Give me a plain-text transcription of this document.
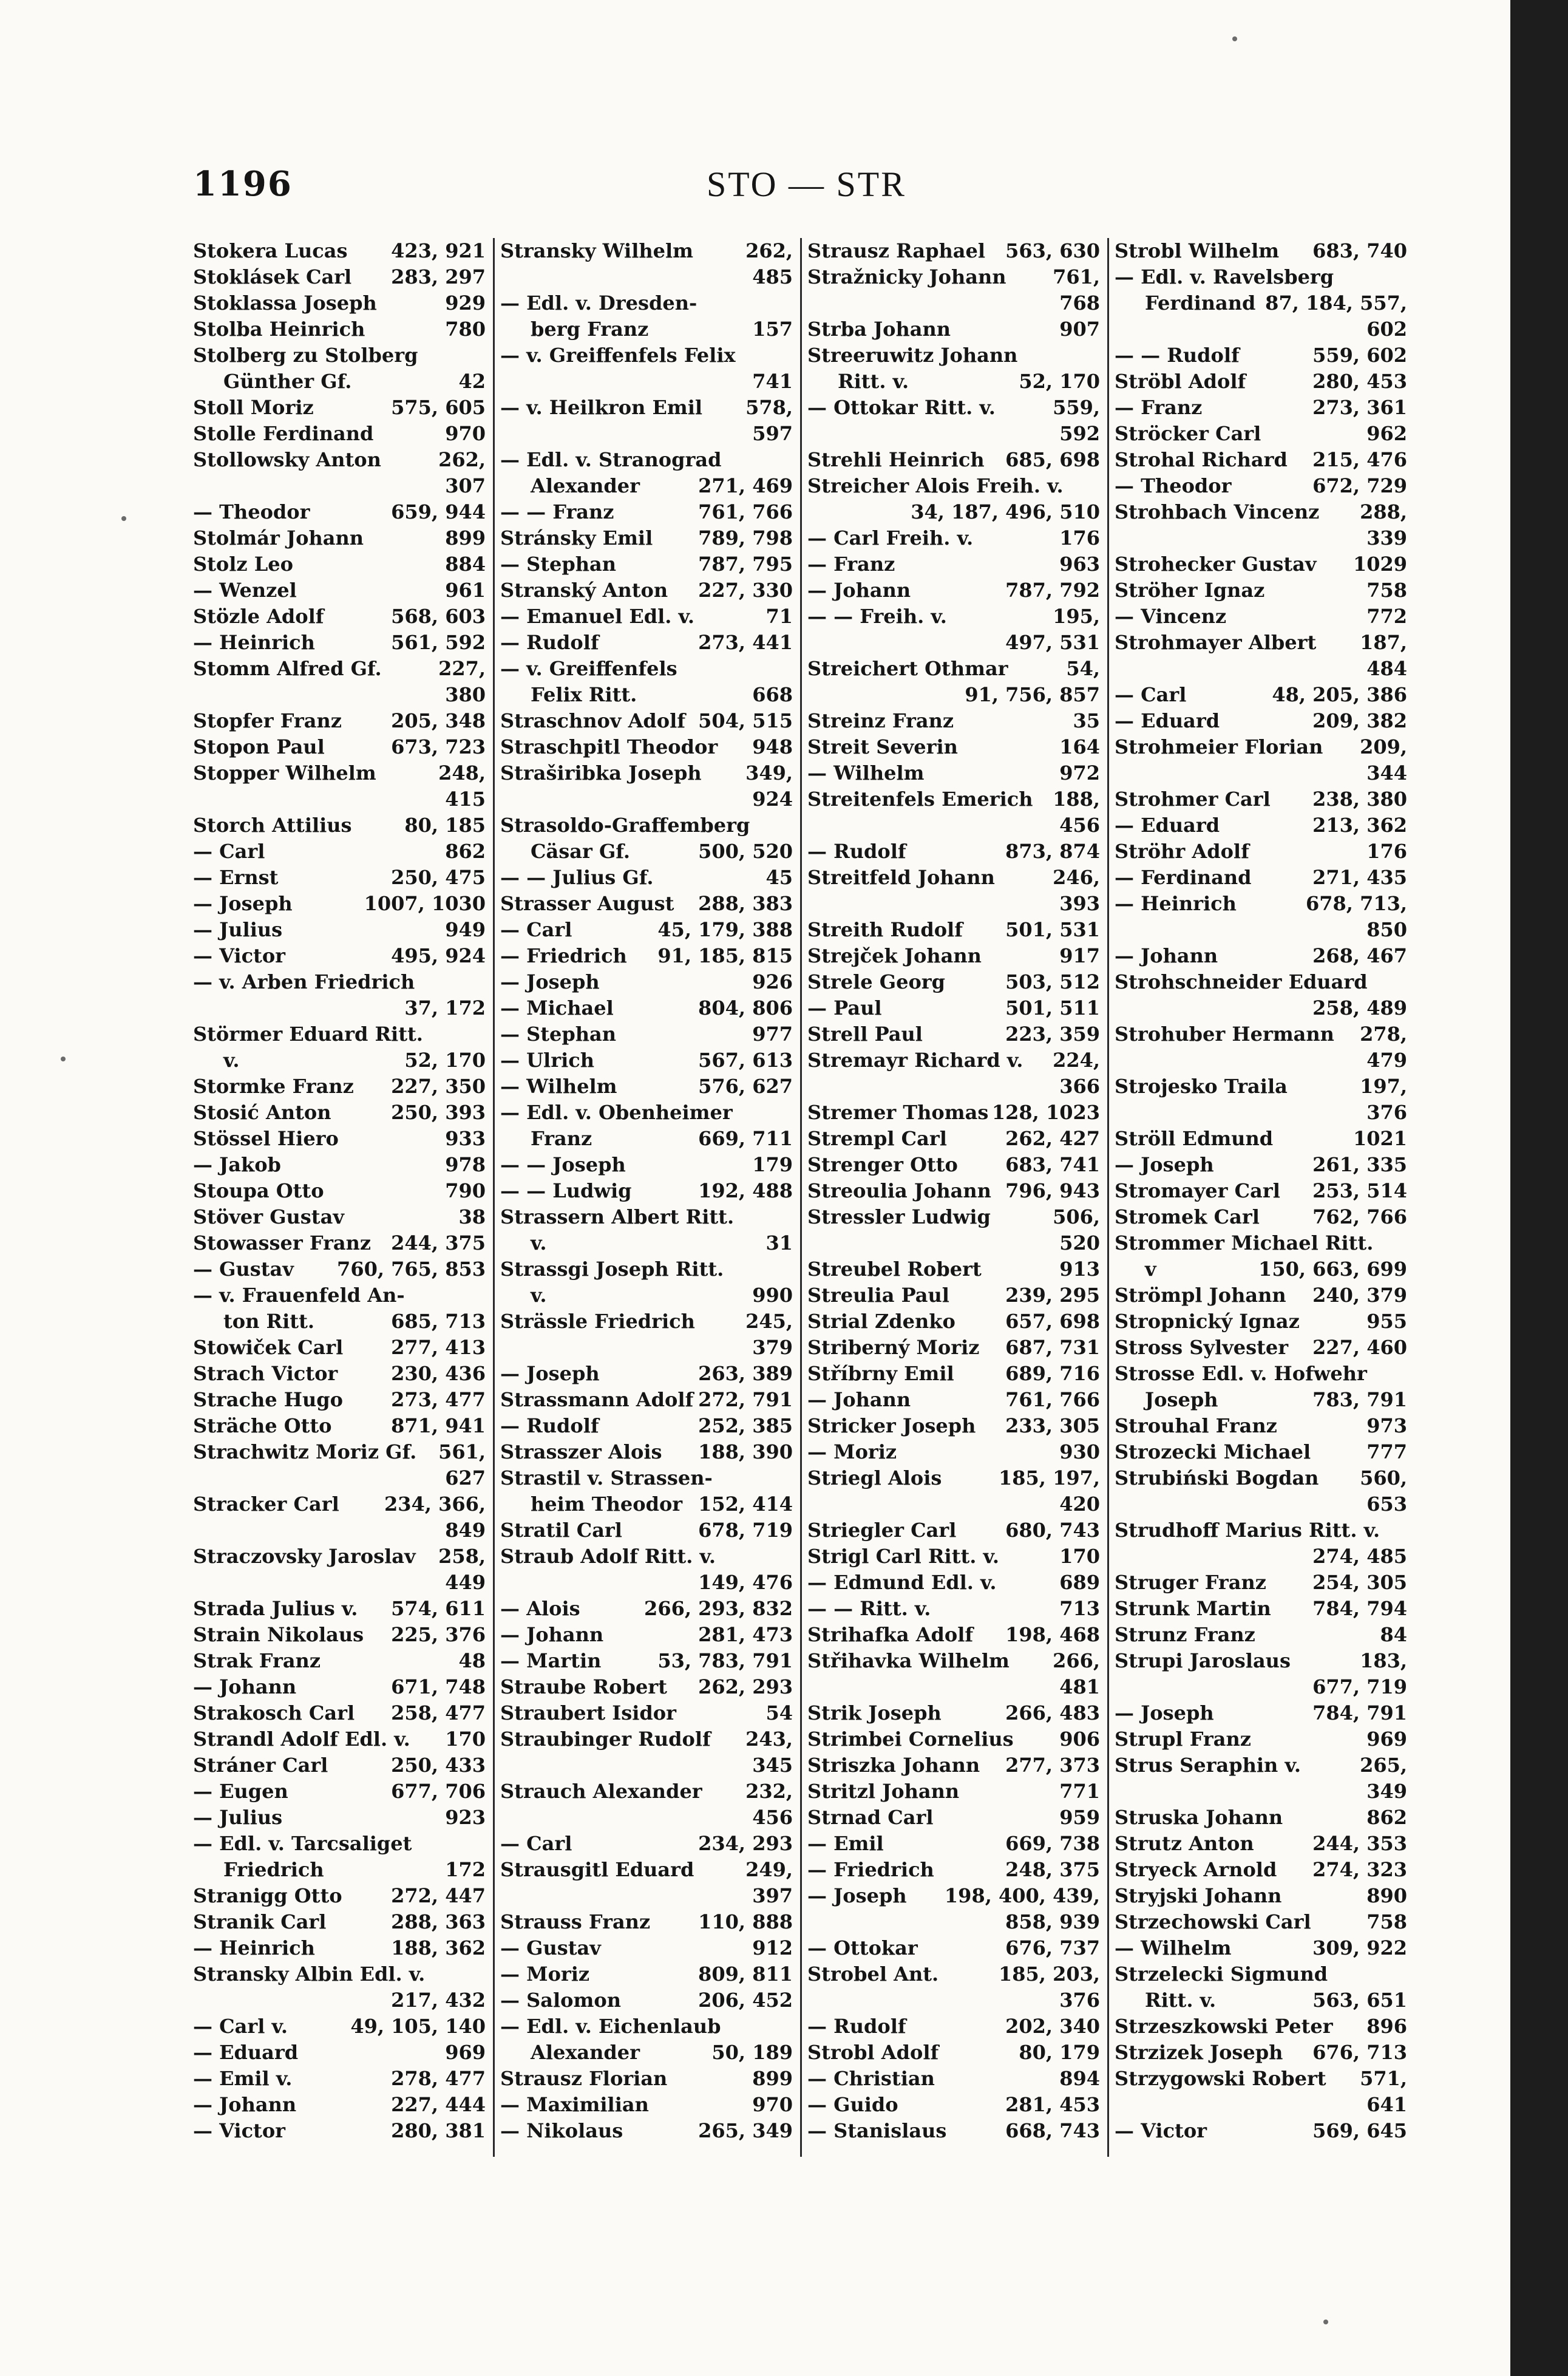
1196	STO — STR
Stokera Lucas 423, 921
Stoklásek Carl 283, 297
Stoklassa Joseph	929
Stolba Heinrich	780
Stolberg zu Stolberg
Günther Gf.	42
Stoll Moriz	575, 605
Stolle Ferdinand	970
Stollowsky Anton	262,
307
— Theodor	659, 944
Stolmár Johann	899
Stolz Leo	884
— Wenzel	961
Stözle Adolf	568, 603
— Heinrich	561, 592
Stomm Alfred Gf.	227,
380
Stopfer Franz	205, 348
Stopon Paul	673, 723
Stopper Wilhelm	248,
415
Storch Attilius	80, 185
— Carl	862
— Ernst	250, 475
— Joseph	1007, 1030
— Julius	949
— Victor	495, 924
— v. Arben Friedrich
37, 172
Störmer Eduard Ritt.
v.	52, 170
Stormke Franz 227, 350
Stosić Anton	250, 393
Stössel Hiero	933
— Jakob	978
Stoupa Otto	790
Stöver Gustav	38
Stowasser Franz 244, 375
— Gustav 760, 765, 853
— v. Frauenfeld An-
ton Ritt.	685, 713
Stowiček Carl 277, 413
Strach Victor	230, 436
Strache Hugo 273, 477
Sträche Otto	871, 941
Strachwitz Moriz Gf. 561,
627
Stracker Carl 234, 366,
849
Straczovsky Jaroslav 258,
449
Strada Julius v. 574, 611
Strain Nikolaus 225, 376
Strak Franz	48
— Johann	671, 748
Strakosch Carl 258, 477
Strandl Adolf Edl. v. 170
Stráner Carl	250, 433
— Eugen	677, 706
— Julius	923
— Edl. v. Tarcsaliget
Friedrich	172
Stranigg Otto	272, 447
Stranik Carl	288, 363
— Heinrich	188, 362
Stransky Albin Edl. v.
217, 432
— Carl v.	49, 105, 140
— Eduard	969
— Emil v.	278, 477
— Johann	227, 444
— Victor	280, 381
Stransky Wilhelm	262,
485
— Edl. v. Dresden-
berg Franz	157
— v. Greiffenfels Felix
741
— v. Heilkron Emil 578,
597
— Edl. v. Stranograd
Alexander	271, 469
— — Franz	761, 766
Stránsky Emil 789, 798
— Stephan	787, 795
Stranský Anton 227, 330
— Emanuel Edl. v.	71
— Rudolf	273, 441
— v. Greiffenfels
Felix Ritt.	668
Straschnov Adolf 504, 515
Straschpitl Theodor 948
Straširibka Joseph 349,
924
Strasoldo-Graffemberg
Cäsar Gf.	500, 520
— — Julius Gf.	45
Strasser August 288, 383
— Carl	45, 179, 388
— Friedrich 91, 185, 815
— Joseph	926
— Michael	804, 806
— Stephan	977
— Ulrich	567, 613
— Wilhelm	576, 627
— Edl. v. Obenheimer
Franz	669, 711
— — Joseph	179
— — Ludwig	192, 488
Strassern Albert Ritt.
v.	31
Strassgi Joseph Ritt.
v.	990
Strässle Friedrich	245,
379
— Joseph	263, 389
Strassmann Adolf 272, 791
— Rudolf	252, 385
Strasszer Alois 188, 390
Strastil v. Strassen-
heim Theodor 152, 414
Stratil Carl	678, 719
Straub Adolf Ritt. v.
149, 476
— Alois	266, 293, 832
— Johann	281, 473
— Martin	53, 783, 791
Straube Robert 262, 293
Straubert Isidor	54
Straubinger Rudolf 243,
345
Strauch Alexander 232,
456
— Carl	234, 293
Strausgitl Eduard	249,
397
Strauss Franz 110, 888
— Gustav	912
— Moriz	809, 811
— Salomon	206, 452
— Edl. v. Eichenlaub
Alexander	50, 189
Strausz Florian	899
— Maximilian	970
— Nikolaus	265, 349
Strausz Raphael 563, 630
Stražnicky Johann 761,
768
Strba Johann	907
Streeruwitz Johann
Ritt. v.	52, 170
— Ottokar Ritt. v.	559,
592
Strehli Heinrich 685, 698
Streicher Alois Freih. v.
34, 187, 496, 510
— Carl Freih. v.	176
— Franz	963
— Johann	787, 792
— — Freih. v.	195,
497, 531
Streichert Othmar	54,
91, 756, 857
Streinz Franz	35
Streit Severin	164
— Wilhelm	972
Streitenfels Emerich 188,
456
— Rudolf	873, 874
Streitfeld Johann	246,
393
Streith Rudolf 501, 531
Strejček Johann	917
Strele Georg	503, 512
— Paul	501, 511
Strell Paul	223, 359
Stremayr Richard v. 224,
366
Stremer Thomas 128, 1023
Strempl Carl	262, 427
Strenger Otto 683, 741
Streoulia Johann 796, 943
Stressler Ludwig	506,
520
Streubel Robert	913
Streulia Paul	239, 295
Strial Zdenko	657, 698
Striberný Moriz 687, 731
Stříbrny Emil	689, 716
— Johann	761, 766
Stricker Joseph 233, 305
— Moriz	930
Striegl Alois	185, 197,
420
Striegler Carl	680, 743
Strigl Carl Ritt. v.	170
— Edmund Edl. v.	689
— — Ritt. v.	713
Strihafka Adolf 198, 468
Střihavka Wilhelm 266,
481
Strik Joseph	266, 483
Strimbei Cornelius 906
Striszka Johann 277, 373
Stritzl Johann	771
Strnad Carl	959
— Emil	669, 738
— Friedrich	248, 375
— Joseph 198, 400, 439,
858, 939
— Ottokar	676, 737
Strobel Ant.	185, 203,
376
— Rudolf	202, 340
Strobl Adolf	80, 179
— Christian	894
— Guido	281, 453
— Stanislaus	668, 743
Strobl Wilhelm 683, 740
— Edl. v. Ravelsberg
Ferdinand 87, 184, 557,
602
— — Rudolf	559, 602
Ströbl Adolf	280, 453
— Franz	273, 361
Ströcker Carl	962
Strohal Richard 215, 476
— Theodor	672, 729
Strohbach Vincenz 288,
339
Strohecker Gustav 1029
Ströher Ignaz	758
— Vincenz	772
Strohmayer Albert 187,
484
— Carl	48, 205, 386
— Eduard	209, 382
Strohmeier Florian 209,
344
Strohmer Carl 238, 380
— Eduard	213, 362
Ströhr Adolf	176
— Ferdinand	271, 435
— Heinrich	678, 713,
850
— Johann	268, 467
Strohschneider Eduard
258, 489
Strohuber Hermann 278,
479
Strojesko Traila	197,
376
Ströll Edmund	1021
— Joseph	261, 335
Stromayer Carl 253, 514
Stromek Carl	762, 766
Strommer Michael Ritt.
v	150, 663, 699
Strömpl Johann 240, 379
Stropnický Ignaz	955
Stross Sylvester 227, 460
Strosse Edl. v. Hofwehr
Joseph	783, 791
Strouhal Franz	973
Strozecki Michael	777
Strubiński Bogdan 560,
653
Strudhoff Marius Ritt. v.
274, 485
Struger Franz 254, 305
Strunk Martin 784, 794
Strunz Franz	84
Strupi Jaroslaus	183,
677, 719
— Joseph	784, 791
Strupl Franz	969
Strus Seraphin v.	265,
349
Struska Johann	862
Strutz Anton	244, 353
Stryeck Arnold 274, 323
Stryjski Johann	890
Strzechowski Carl	758
— Wilhelm	309, 922
Strzelecki Sigmund
Ritt. v.	563, 651
Strzeszkowski Peter 896
Strzizek Joseph 676, 713
Strzygowski Robert 571,
641
— Victor	569, 645
